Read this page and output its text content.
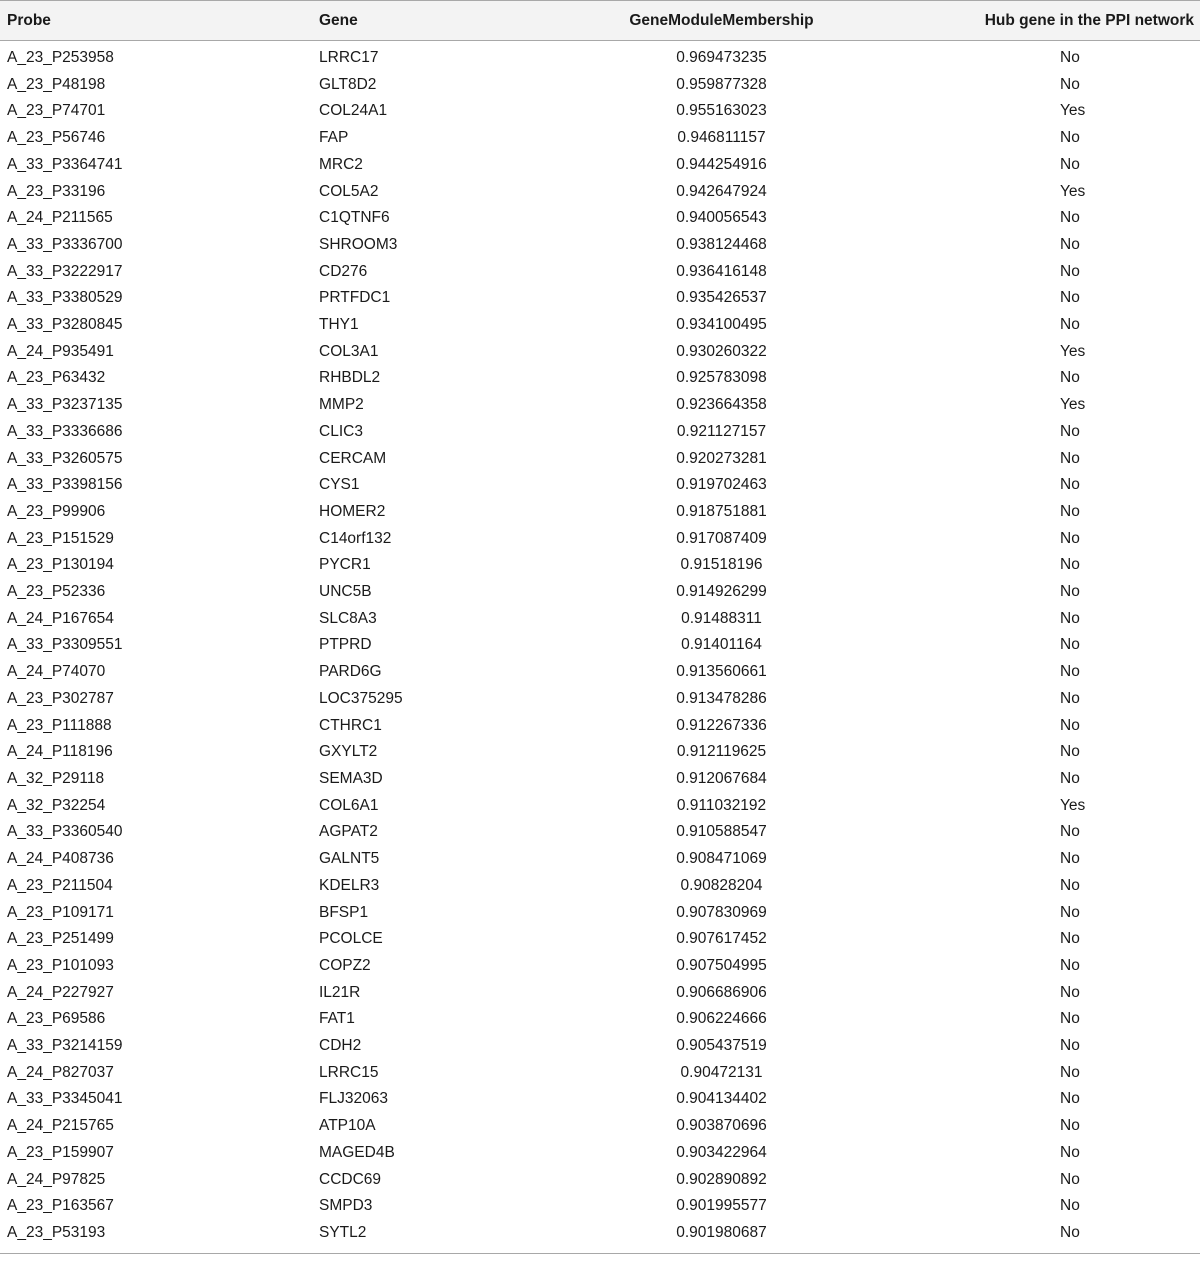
Probe	Gene	GeneModuleMembership	Hub gene in the PPI network
A_23_P253958	LRRC17	0.969473235	No
A_23_P48198	GLT8D2	0.959877328	No
A_23_P74701	COL24A1	0.955163023	Yes
A_23_P56746	FAP	0.946811157	No
A_33_P3364741	MRC2	0.944254916	No
A_23_P33196	COL5A2	0.942647924	Yes
A_24_P211565	C1QTNF6	0.940056543	No
A_33_P3336700	SHROOM3	0.938124468	No
A_33_P3222917	CD276	0.936416148	No
A_33_P3380529	PRTFDC1	0.935426537	No
A_33_P3280845	THY1	0.934100495	No
A_24_P935491	COL3A1	0.930260322	Yes
A_23_P63432	RHBDL2	0.925783098	No
A_33_P3237135	MMP2	0.923664358	Yes
A_33_P3336686	CLIC3	0.921127157	No
A_33_P3260575	CERCAM	0.920273281	No
A_33_P3398156	CYS1	0.919702463	No
A_23_P99906	HOMER2	0.918751881	No
A_23_P151529	C14orf132	0.917087409	No
A_23_P130194	PYCR1	0.91518196	No
A_23_P52336	UNC5B	0.914926299	No
A_24_P167654	SLC8A3	0.91488311	No
A_33_P3309551	PTPRD	0.91401164	No
A_24_P74070	PARD6G	0.913560661	No
A_23_P302787	LOC375295	0.913478286	No
A_23_P111888	CTHRC1	0.912267336	No
A_24_P118196	GXYLT2	0.912119625	No
A_32_P29118	SEMA3D	0.912067684	No
A_32_P32254	COL6A1	0.911032192	Yes
A_33_P3360540	AGPAT2	0.910588547	No
A_24_P408736	GALNT5	0.908471069	No
A_23_P211504	KDELR3	0.90828204	No
A_23_P109171	BFSP1	0.907830969	No
A_23_P251499	PCOLCE	0.907617452	No
A_23_P101093	COPZ2	0.907504995	No
A_24_P227927	IL21R	0.906686906	No
A_23_P69586	FAT1	0.906224666	No
A_33_P3214159	CDH2	0.905437519	No
A_24_P827037	LRRC15	0.90472131	No
A_33_P3345041	FLJ32063	0.904134402	No
A_24_P215765	ATP10A	0.903870696	No
A_23_P159907	MAGED4B	0.903422964	No
A_24_P97825	CCDC69	0.902890892	No
A_23_P163567	SMPD3	0.901995577	No
A_23_P53193	SYTL2	0.901980687	No
